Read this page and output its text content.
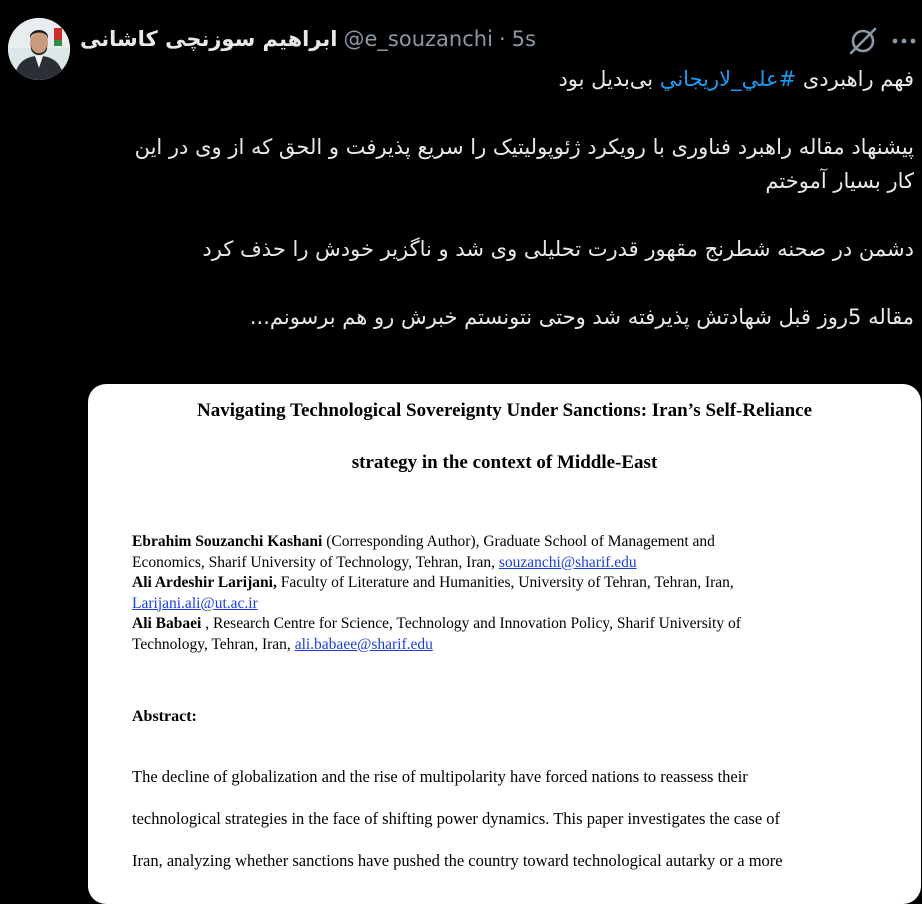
ابراهیم سوزنچی کاشانی @e_souzanchi · 5s

فهم راهبردی #علي_لاريجاني بی‌بدیل بود

پیشنهاد مقاله راهبرد فناوری با رویکرد ژئوپولیتیک را سریع پذیرفت و الحق که از وی در این

کار بسیار آموختم

دشمن در صحنه شطرنج مقهور قدرت تحلیلی وی شد و ناگزیر خودش را حذف کرد

مقاله 5روز قبل شهادتش پذیرفته شد وحتی نتونستم خبرش رو هم برسونم...

Navigating Technological Sovereignty Under Sanctions: Iran’s Self-Reliance

strategy in the context of Middle-East

Ebrahim Souzanchi Kashani (Corresponding Author), Graduate School of Management and

Economics, Sharif University of Technology, Tehran, Iran, souzanchi@sharif.edu

Ali Ardeshir Larijani, Faculty of Literature and Humanities, University of Tehran, Tehran, Iran,

Larijani.ali@ut.ac.ir

Ali Babaei , Research Centre for Science, Technology and Innovation Policy, Sharif University of

Technology, Tehran, Iran, ali.babaee@sharif.edu

Abstract:

The decline of globalization and the rise of multipolarity have forced nations to reassess their
technological strategies in the face of shifting power dynamics. This paper investigates the case of
Iran, analyzing whether sanctions have pushed the country toward technological autarky or a more
